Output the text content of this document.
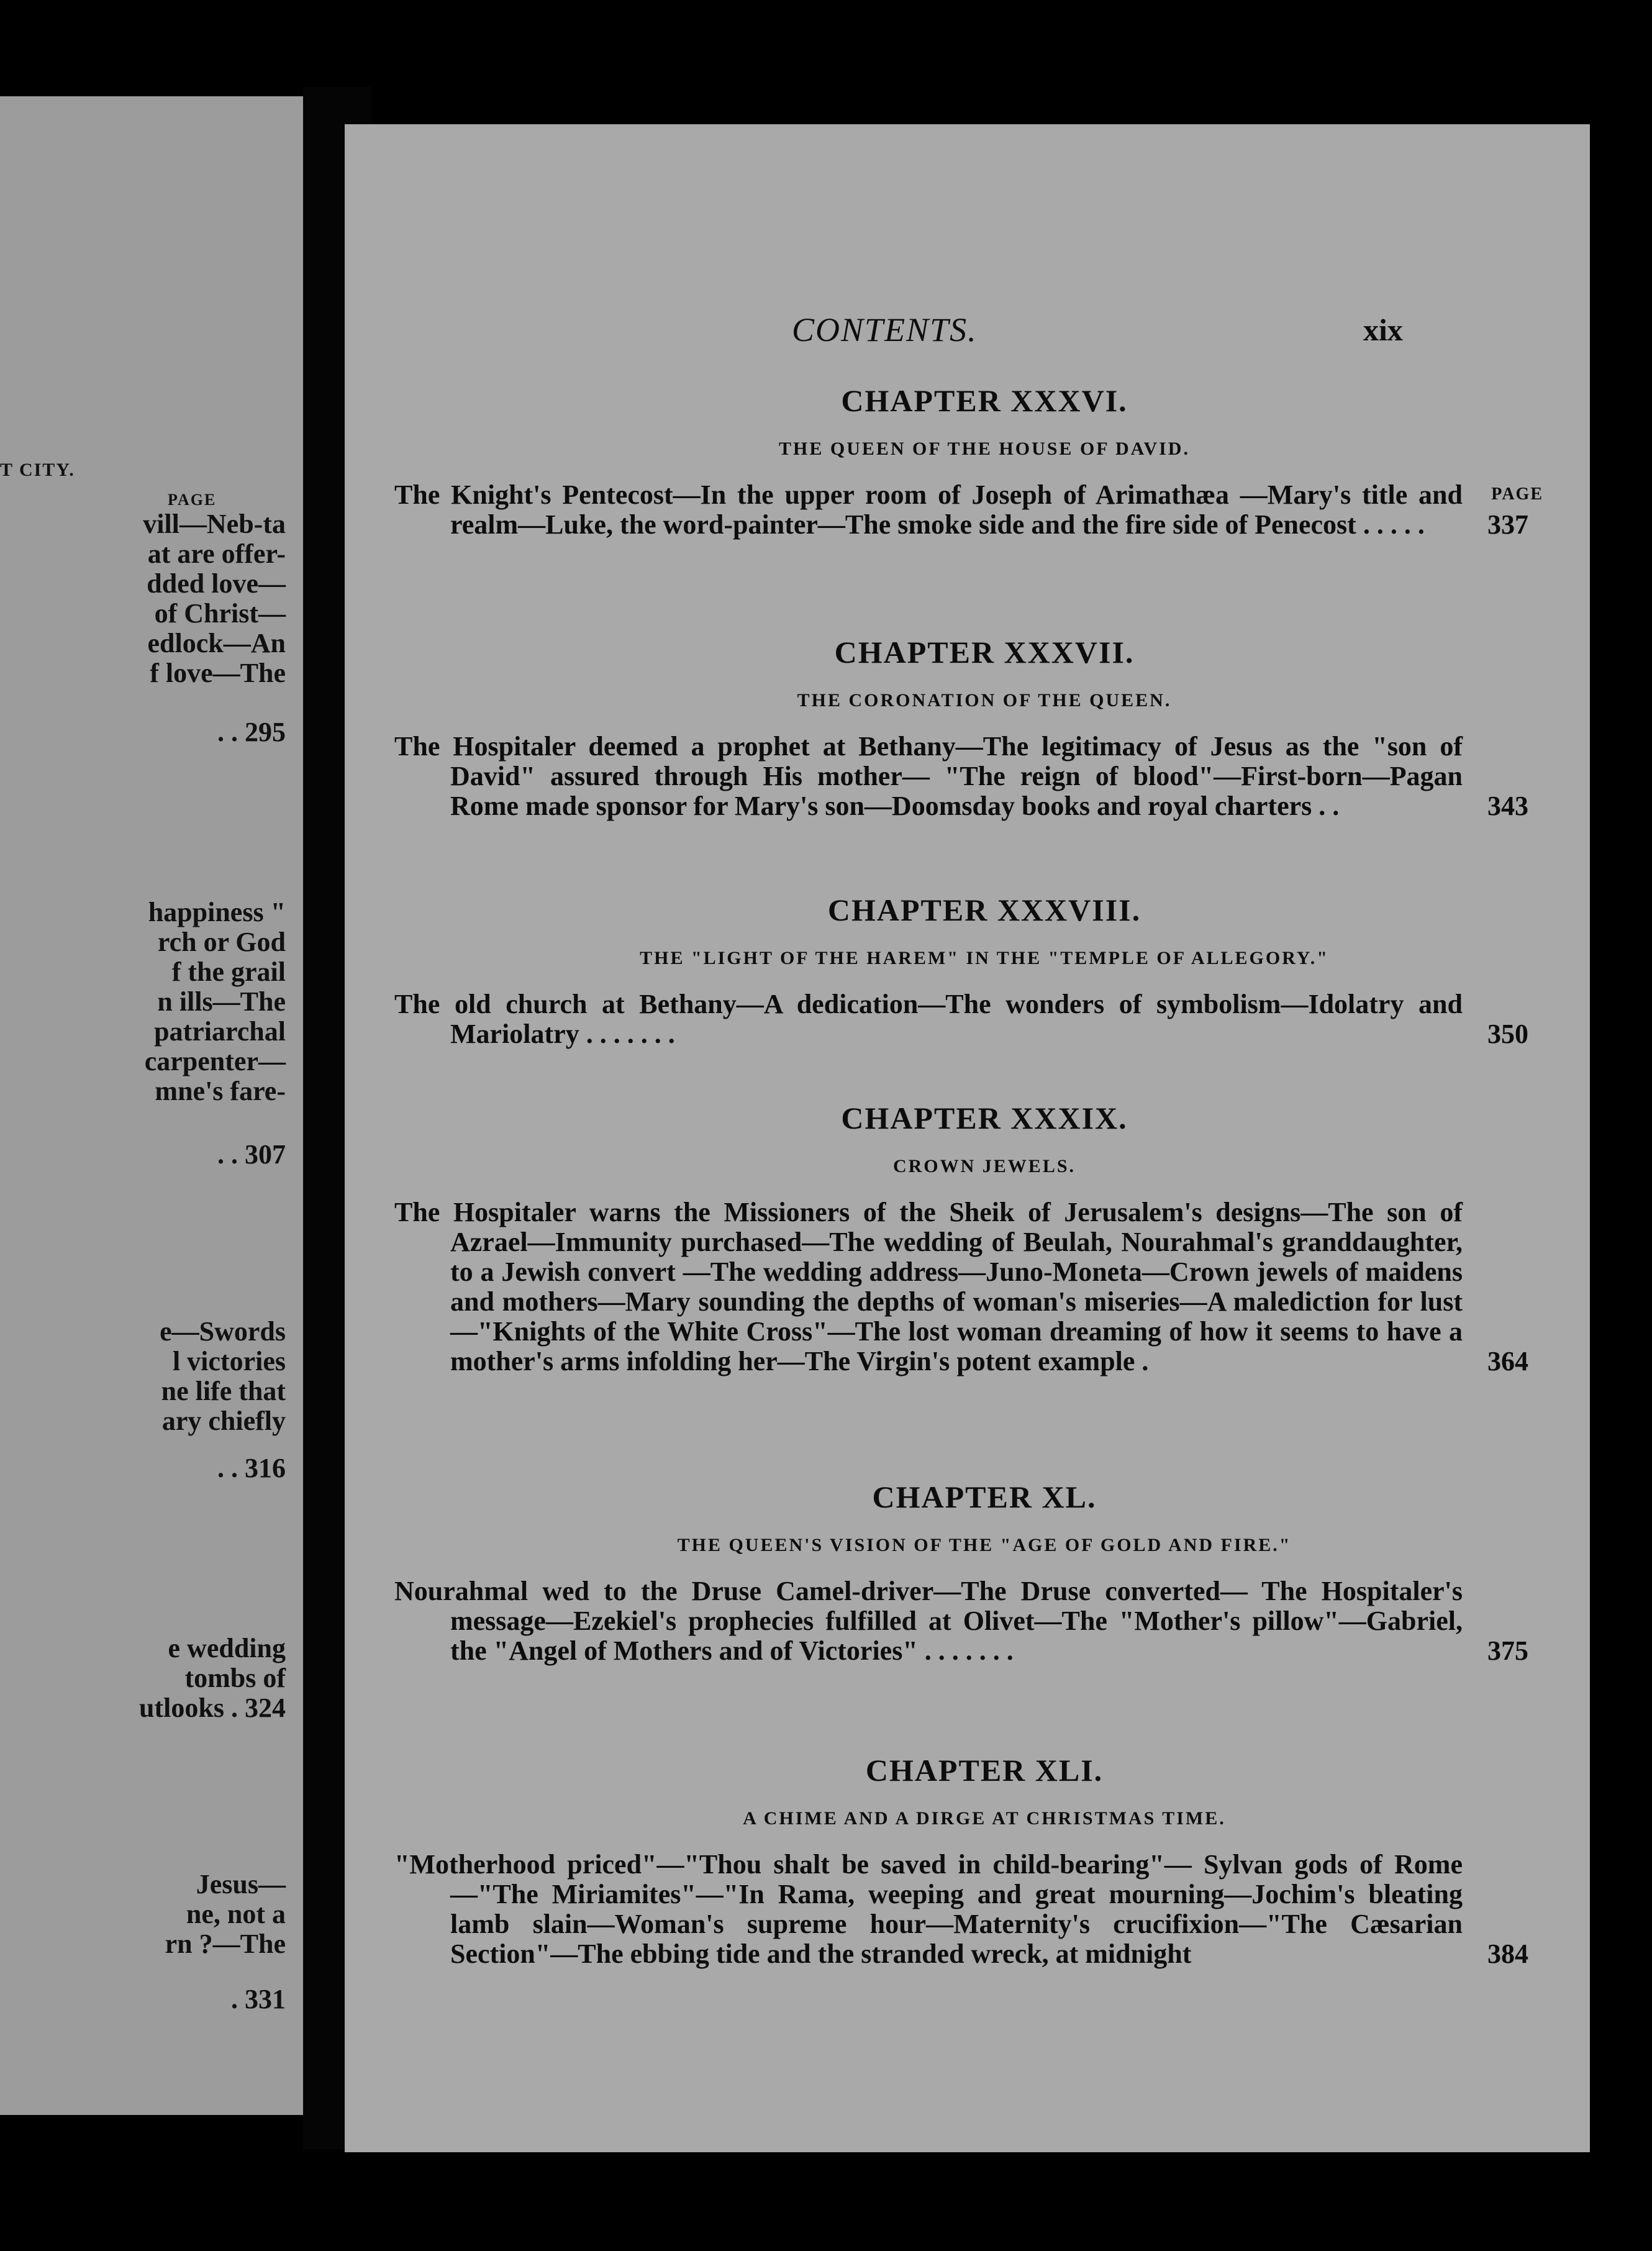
T CITY.
PAGE
vill—Neb-ta
at are offer-
dded love—
of Christ—
edlock—An
f love—The
. . 295
happiness "
rch or God
f the grail
n ills—The
patriarchal
carpenter—
mne's fare-
. . 307
e—Swords
l victories
ne life that
ary chiefly
. . 316
e wedding
tombs of
utlooks . 324
Jesus—
ne, not a
rn ?—The
. 331
CONTENTS.	xix
CHAPTER XXXVI.
THE QUEEN OF THE HOUSE OF DAVID.
PAGE
The Knight's Pentecost—In the upper room of Joseph of Arimathæa —Mary's title and realm—Luke, the word-painter—The smoke side and the fire side of Penecost . . . . . 337
CHAPTER XXXVII.
THE CORONATION OF THE QUEEN.
The Hospitaler deemed a prophet at Bethany—The legitimacy of Jesus as the "son of David" assured through His mother— "The reign of blood"—First-born—Pagan Rome made sponsor for Mary's son—Doomsday books and royal charters . .	343
CHAPTER XXXVIII.
THE "LIGHT OF THE HAREM" IN THE "TEMPLE OF ALLEGORY."
The old church at Bethany—A dedication—The wonders of symbolism—Idolatry and Mariolatry . . . . . . .	350
CHAPTER XXXIX.
CROWN JEWELS.
The Hospitaler warns the Missioners of the Sheik of Jerusalem's designs—The son of Azrael—Immunity purchased—The wedding of Beulah, Nourahmal's granddaughter, to a Jewish convert —The wedding address—Juno-Moneta—Crown jewels of maidens and mothers—Mary sounding the depths of woman's miseries—A malediction for lust—"Knights of the White Cross"—The lost woman dreaming of how it seems to have a mother's arms infolding her—The Virgin's potent example .	364
CHAPTER XL.
THE QUEEN'S VISION OF THE "AGE OF GOLD AND FIRE."
Nourahmal wed to the Druse Camel-driver—The Druse converted— The Hospitaler's message—Ezekiel's prophecies fulfilled at Olivet—The "Mother's pillow"—Gabriel, the "Angel of Mothers and of Victories" . . . . . . .	375
CHAPTER XLI.
A CHIME AND A DIRGE AT CHRISTMAS TIME.
"Motherhood priced"—"Thou shalt be saved in child-bearing"— Sylvan gods of Rome—"The Miriamites"—"In Rama, weeping and great mourning—Jochim's bleating lamb slain—Woman's supreme hour—Maternity's crucifixion—"The Cæsarian Section"—The ebbing tide and the stranded wreck, at midnight	384
